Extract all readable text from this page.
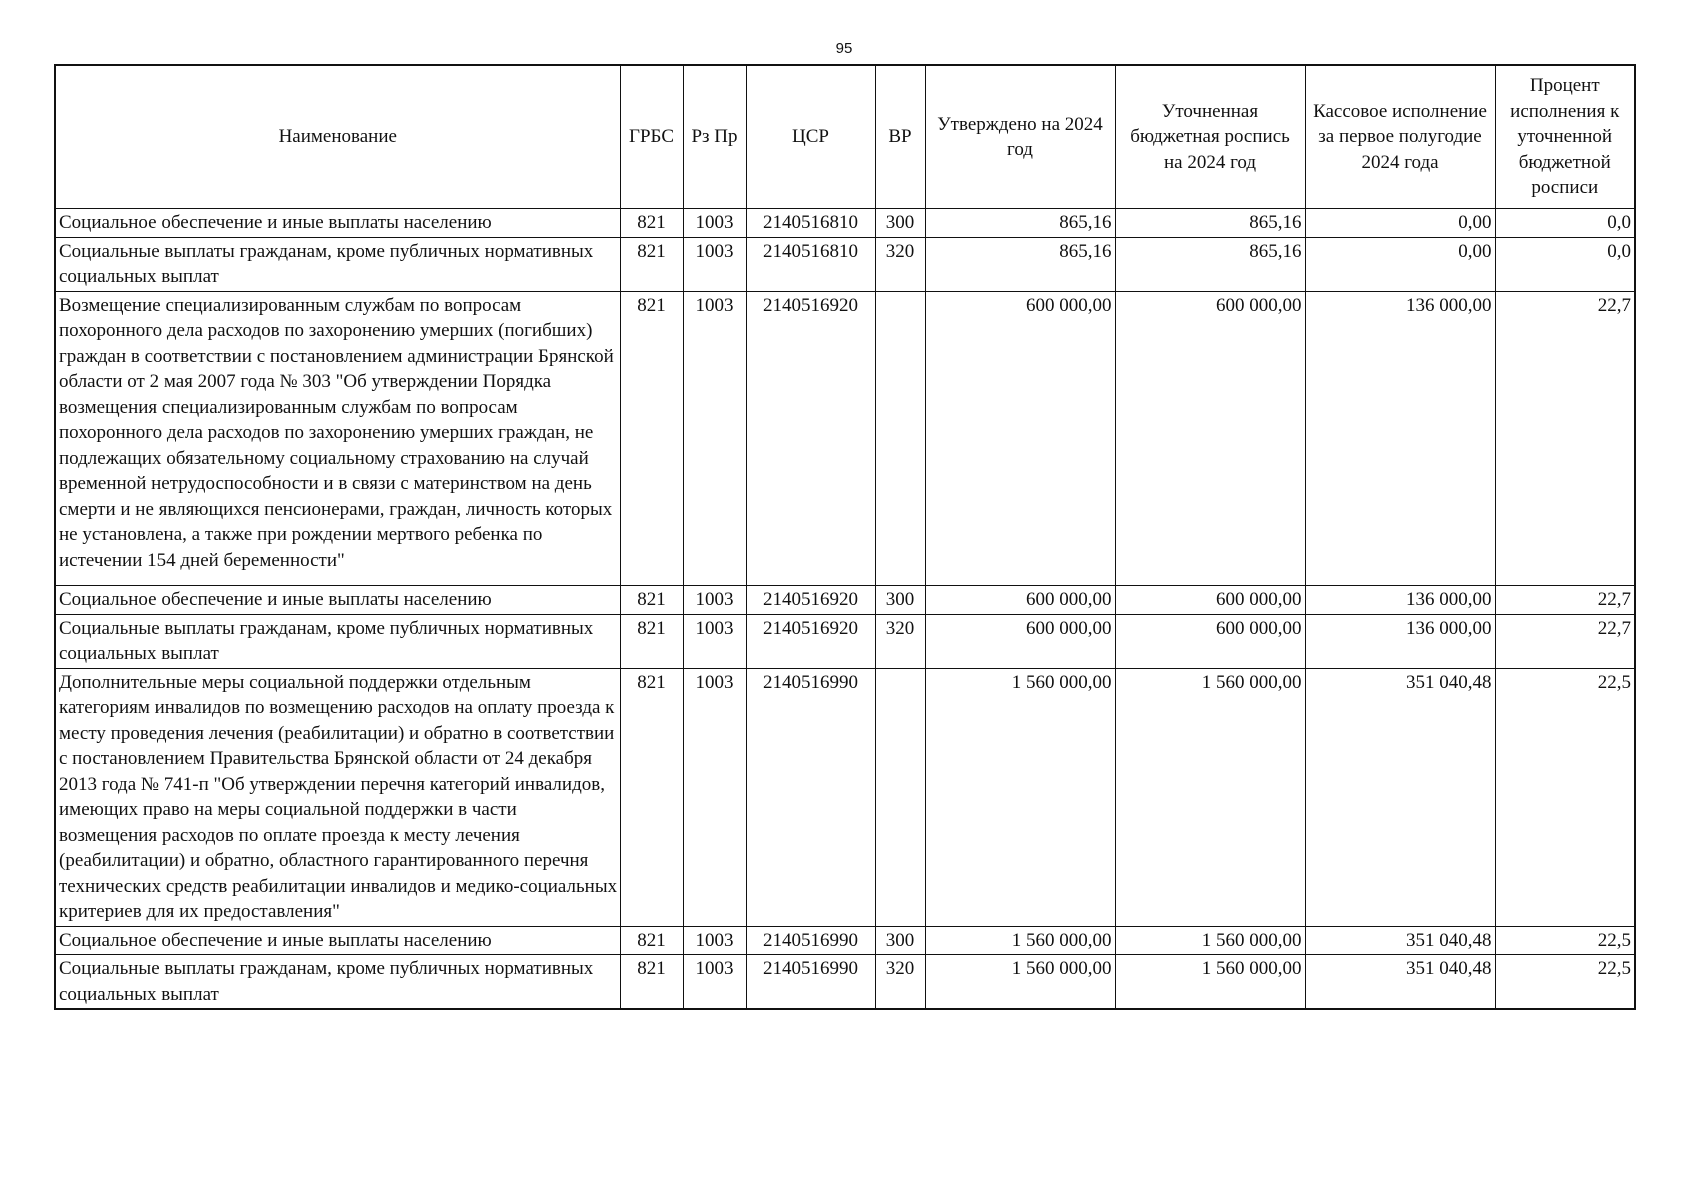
95
Наименование	ГРБС	Рз Пр	ЦСР	ВР	Утверждено на 2024 год	Уточненная бюджетная роспись на 2024 год	Кассовое исполнение за первое полугодие 2024 года	Процент исполнения к уточненной бюджетной росписи
Социальное обеспечение и иные выплаты населению	821	1003	2140516810	300	865,16	865,16	0,00	0,0
Социальные выплаты гражданам, кроме публичных нормативных социальных выплат	821	1003	2140516810	320	865,16	865,16	0,00	0,0
Возмещение специализированным службам по вопросам похоронного дела расходов по захоронению умерших (погибших) граждан в соответствии с постановлением администрации Брянской области от 2 мая 2007 года № 303 "Об утверждении Порядка возмещения специализированным службам по вопросам похоронного дела расходов по захоронению умерших граждан, не подлежащих обязательному социальному страхованию на случай временной нетрудоспособности и в связи с материнством на день смерти и не являющихся пенсионерами, граждан, личность которых не установлена, а также при рождении мертвого ребенка по истечении 154 дней беременности"	821	1003	2140516920		600 000,00	600 000,00	136 000,00	22,7
Социальное обеспечение и иные выплаты населению	821	1003	2140516920	300	600 000,00	600 000,00	136 000,00	22,7
Социальные выплаты гражданам, кроме публичных нормативных социальных выплат	821	1003	2140516920	320	600 000,00	600 000,00	136 000,00	22,7
Дополнительные меры социальной поддержки отдельным категориям инвалидов по возмещению расходов на оплату проезда к месту проведения лечения (реабилитации) и обратно в соответствии с постановлением Правительства Брянской области от 24 декабря 2013 года № 741-п "Об утверждении перечня категорий инвалидов, имеющих право на меры социальной поддержки в части возмещения расходов по оплате проезда к месту лечения (реабилитации) и обратно, областного гарантированного перечня технических средств реабилитации инвалидов и медико-социальных критериев для их предоставления"	821	1003	2140516990		1 560 000,00	1 560 000,00	351 040,48	22,5
Социальное обеспечение и иные выплаты населению	821	1003	2140516990	300	1 560 000,00	1 560 000,00	351 040,48	22,5
Социальные выплаты гражданам, кроме публичных нормативных социальных выплат	821	1003	2140516990	320	1 560 000,00	1 560 000,00	351 040,48	22,5
